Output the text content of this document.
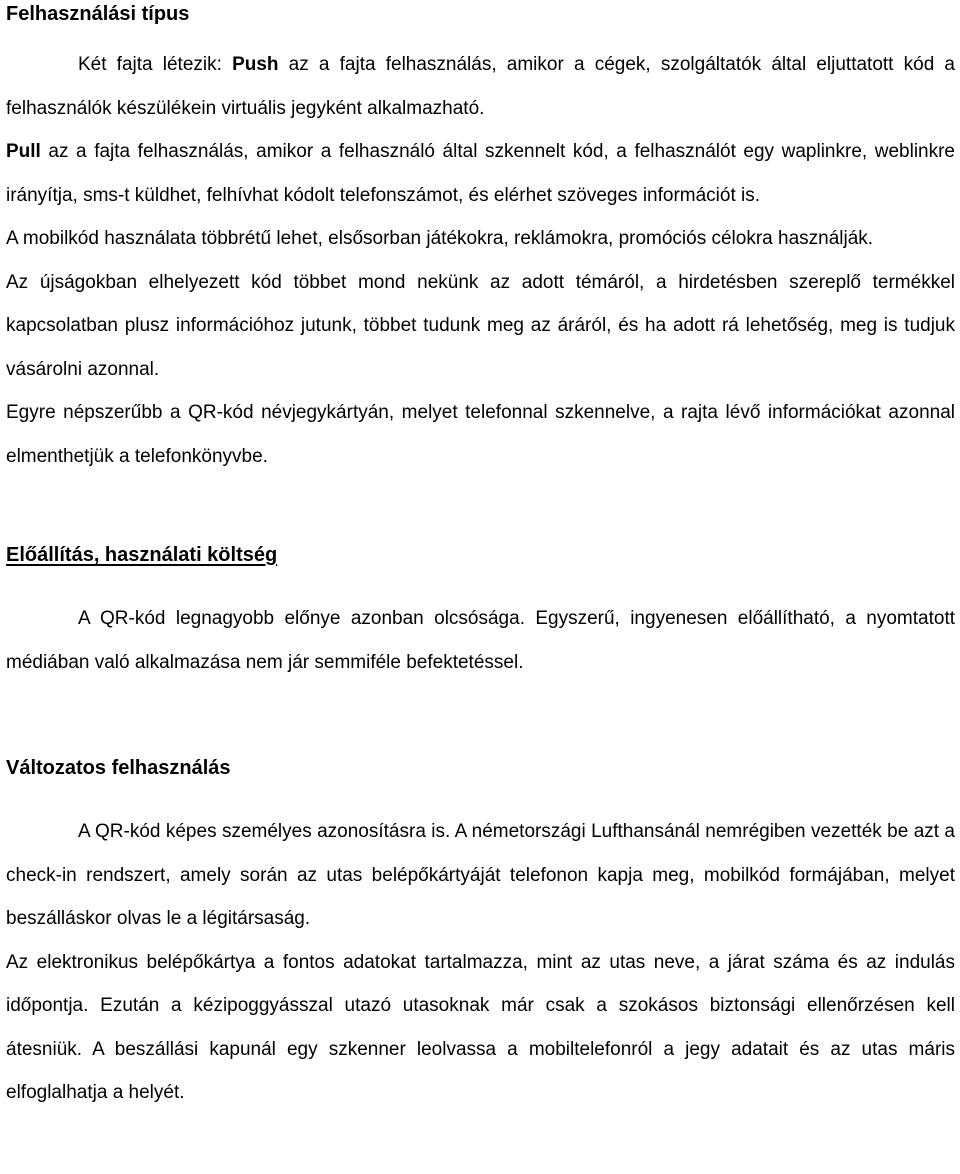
Felhasználási típus

Két fajta létezik: Push az a fajta felhasználás, amikor a cégek, szolgáltatók által eljuttatott kód a felhasználók készülékein virtuális jegyként alkalmazható.

Pull az a fajta felhasználás, amikor a felhasználó által szkennelt kód, a felhasználót egy waplinkre, weblinkre irányítja, sms-t küldhet, felhívhat kódolt telefonszámot, és elérhet szöveges információt is.

A mobilkód használata többrétű lehet, elsősorban játékokra, reklámokra, promóciós célokra használják.

Az újságokban elhelyezett kód többet mond nekünk az adott témáról, a hirdetésben szereplő termékkel kapcsolatban plusz információhoz jutunk, többet tudunk meg az áráról, és ha adott rá lehetőség, meg is tudjuk vásárolni azonnal.

Egyre népszerűbb a QR-kód névjegykártyán, melyet telefonnal szkennelve, a rajta lévő információkat azonnal elmenthetjük a telefonkönyvbe.

Előállítás, használati költség

A QR-kód legnagyobb előnye azonban olcsósága. Egyszerű, ingyenesen előállítható, a nyomtatott médiában való alkalmazása nem jár semmiféle befektetéssel.

Változatos felhasználás

A QR-kód képes személyes azonosításra is. A németországi Lufthansánál nemrégiben vezették be azt a check-in rendszert, amely során az utas belépőkártyáját telefonon kapja meg, mobilkód formájában, melyet beszálláskor olvas le a légitársaság.

Az elektronikus belépőkártya a fontos adatokat tartalmazza, mint az utas neve, a járat száma és az indulás időpontja. Ezután a kézipoggyásszal utazó utasoknak már csak a szokásos biztonsági ellenőrzésen kell átesniük. A beszállási kapunál egy szkenner leolvassa a mobiltelefonról a jegy adatait és az utas máris elfoglalhatja a helyét.
